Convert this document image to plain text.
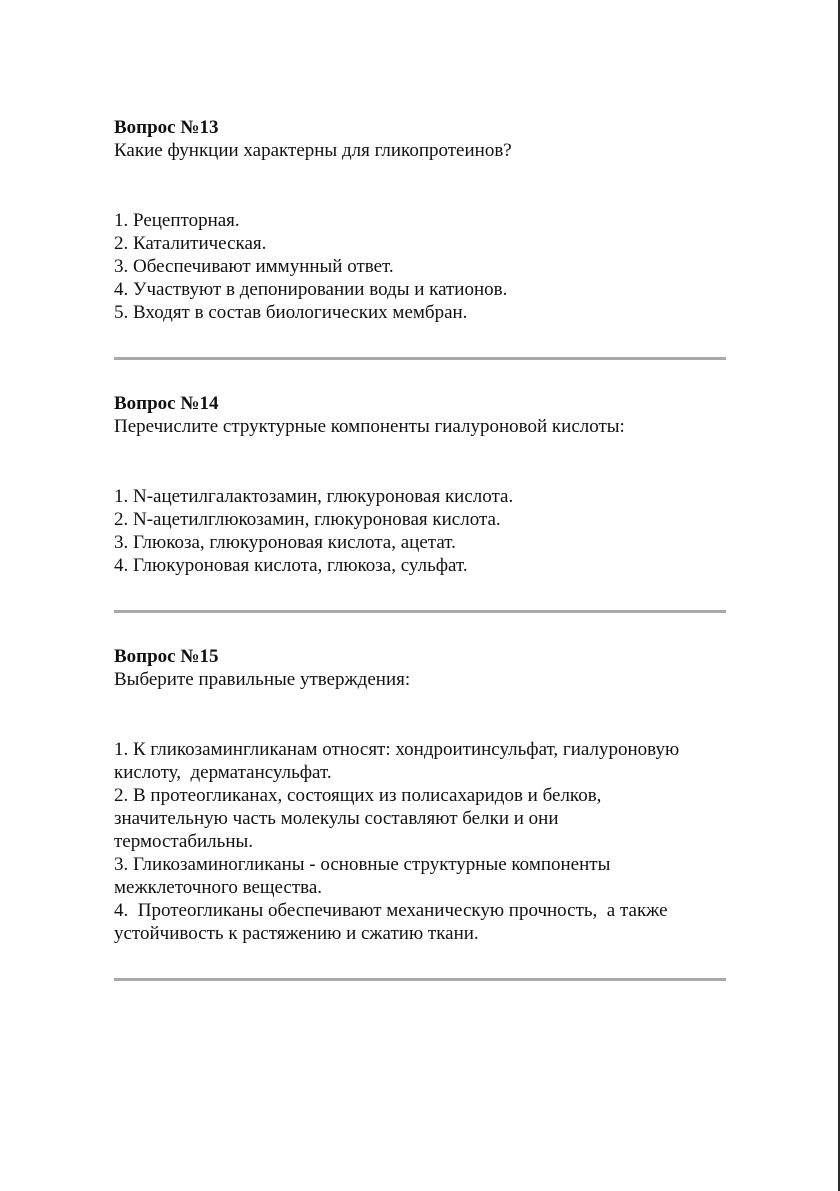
Вопрос №13

Какие функции характерны для гликопротеинов?

1. Рецепторная.
2. Каталитическая.
3. Обеспечивают иммунный ответ.
4. Участвуют в депонировании воды и катионов.
5. Входят в состав биологических мембран.

Вопрос №14

Перечислите структурные компоненты гиалуроновой кислоты:

1. N-ацетилгалактозамин, глюкуроновая кислота.
2. N-ацетилглюкозамин, глюкуроновая кислота.
3. Глюкоза, глюкуроновая кислота, ацетат.
4. Глюкуроновая кислота, глюкоза, сульфат.

Вопрос №15

Выберите правильные утверждения:

1. К гликозамингликанам относят: хондроитинсульфат, гиалуроновую
кислоту,  дерматансульфат.
2. В протеогликанах, состоящих из полисахаридов и белков,
значительную часть молекулы составляют белки и они
термостабильны.
3. Гликозаминогликаны - основные структурные компоненты
межклеточного вещества.
4.  Протеогликаны обеспечивают механическую прочность,  а также
устойчивость к растяжению и сжатию ткани.
